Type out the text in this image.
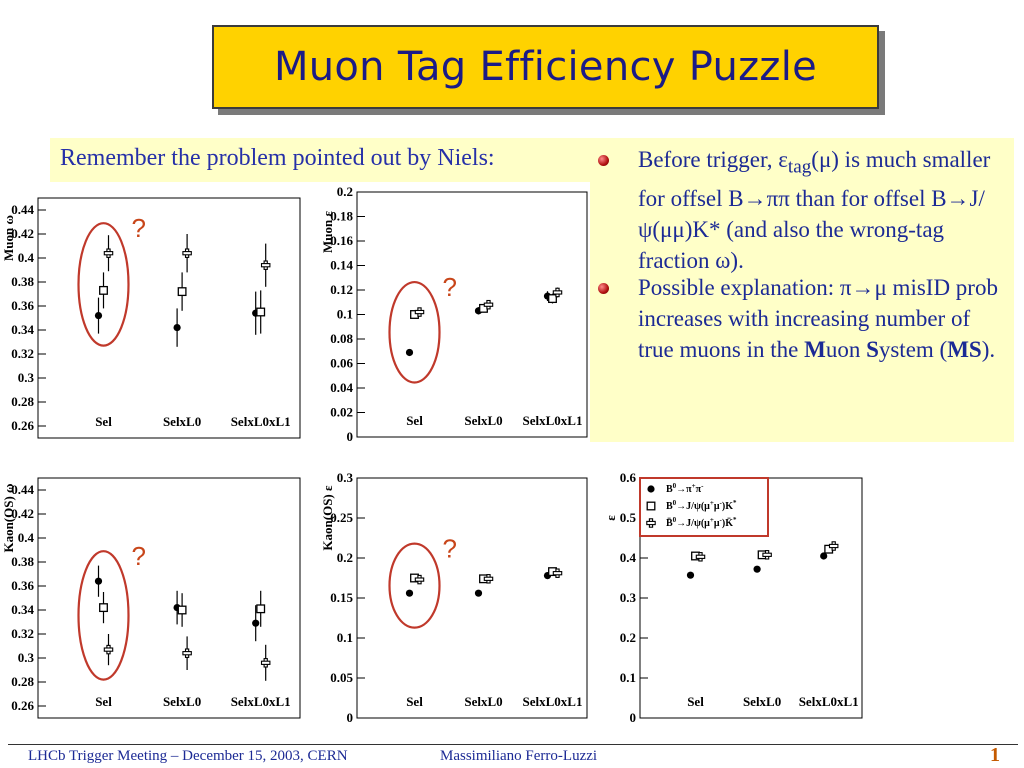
Muon Tag Efficiency Puzzle
Remember the problem pointed out by Niels:	Before trigger, $\varepsilon_{tag}(\mu)$ is much smaller for offsel B→ππ than for offsel B→J/ψ(μμ)K* (and also the wrong-tag fraction ω).
Possible explanation: π→μ misID prob increases with increasing number of true muons in the Muon System (MS).
0.26
0.28
0.3
0.32
0.34
0.36
0.38
0.4
0.42
0.44
Muon ω
Sel	SelxL0 SelxL0xL1
?
0
0.02
0.04
0.06
0.08
0.1
0.12
0.14
0.16
0.18
0.2
Muon ε
Sel	SelxL0 SelxL0xL1
?
0.26
0.28
0.3
0.32
0.34
0.36
0.38
0.4
0.42
0.44
Kaon(OS) ω
Sel	SelxL0 SelxL0xL1
?
0
0.05
0.1
0.15
0.2
0.25
0.3
Kaon(OS) ε
Sel	SelxL0 SelxL0xL1
?
0
0.1
0.2
0.3
0.4
0.5
0.6
ε
Sel	SelxL0 SelxL0xL1
$B^0\to\pi^+\pi^-$
$B^0\to J/\psi(\mu^+\mu^-)K^*$
B̄$^0$→J/ψ(μ+μ-)K̄*
LHCb Trigger Meeting – December 15, 2003, CERN	Massimiliano Ferro-Luzzi	1
